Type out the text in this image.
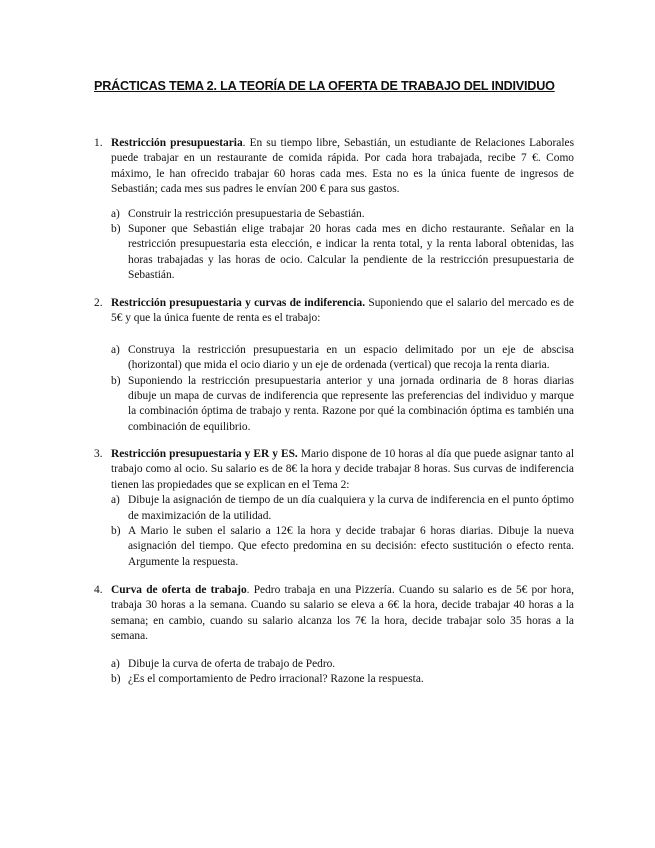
PRÁCTICAS TEMA 2. LA TEORÍA DE LA OFERTA DE TRABAJO DEL INDIVIDUO
1. Restricción presupuestaria. En su tiempo libre, Sebastián, un estudiante de Relaciones Laborales puede trabajar en un restaurante de comida rápida. Por cada hora trabajada, recibe 7 €. Como máximo, le han ofrecido trabajar 60 horas cada mes. Esta no es la única fuente de ingresos de Sebastián; cada mes sus padres le envían 200 € para sus gastos.
a) Construir la restricción presupuestaria de Sebastián.
b) Suponer que Sebastián elige trabajar 20 horas cada mes en dicho restaurante. Señalar en la restricción presupuestaria esta elección, e indicar la renta total, y la renta laboral obtenidas, las horas trabajadas y las horas de ocio. Calcular la pendiente de la restricción presupuestaria de Sebastián.
2. Restricción presupuestaria y curvas de indiferencia. Suponiendo que el salario del mercado es de 5€ y que la única fuente de renta es el trabajo:
a) Construya la restricción presupuestaria en un espacio delimitado por un eje de abscisa (horizontal) que mida el ocio diario y un eje de ordenada (vertical) que recoja la renta diaria.
b) Suponiendo la restricción presupuestaria anterior y una jornada ordinaria de 8 horas diarias dibuje un mapa de curvas de indiferencia que represente las preferencias del individuo y marque la combinación óptima de trabajo y renta. Razone por qué la combinación óptima es también una combinación de equilibrio.
3. Restricción presupuestaria y ER y ES. Mario dispone de 10 horas al día que puede asignar tanto al trabajo como al ocio. Su salario es de 8€ la hora y decide trabajar 8 horas. Sus curvas de indiferencia tienen las propiedades que se explican en el Tema 2:
a) Dibuje la asignación de tiempo de un día cualquiera y la curva de indiferencia en el punto óptimo de maximización de la utilidad.
b) A Mario le suben el salario a 12€ la hora y decide trabajar 6 horas diarias. Dibuje la nueva asignación del tiempo. Que efecto predomina en su decisión: efecto sustitución o efecto renta. Argumente la respuesta.
4. Curva de oferta de trabajo. Pedro trabaja en una Pizzería. Cuando su salario es de 5€ por hora, trabaja 30 horas a la semana. Cuando su salario se eleva a 6€ la hora, decide trabajar 40 horas a la semana; en cambio, cuando su salario alcanza los 7€ la hora, decide trabajar solo 35 horas a la semana.
a) Dibuje la curva de oferta de trabajo de Pedro.
b) ¿Es el comportamiento de Pedro irracional? Razone la respuesta.
